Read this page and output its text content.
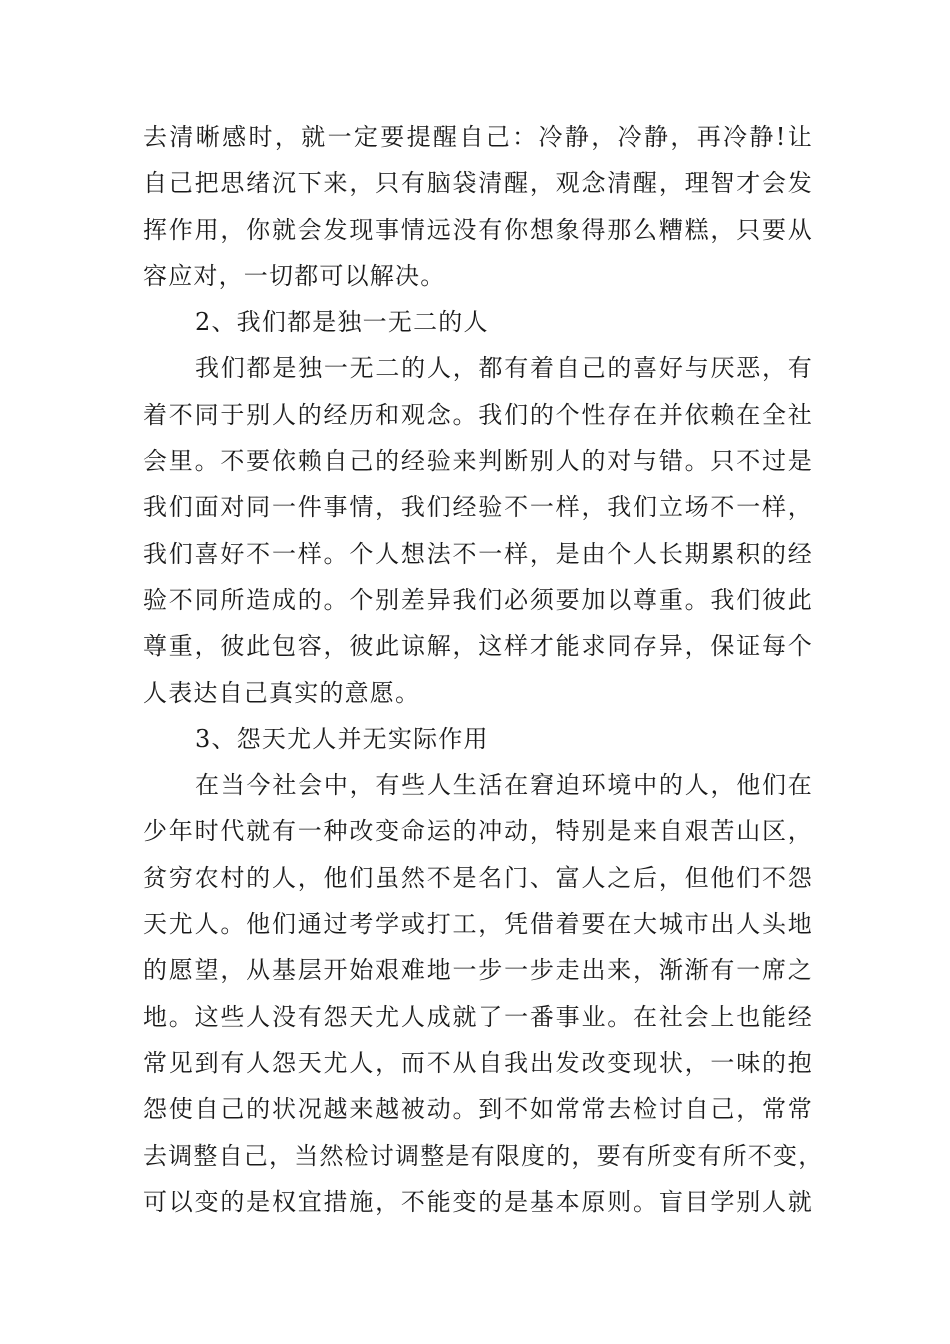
去清晰感时，就一定要提醒自己：冷静，冷静，再冷静!让
自己把思绪沉下来，只有脑袋清醒，观念清醒，理智才会发
挥作用，你就会发现事情远没有你想象得那么糟糕，只要从
容应对，一切都可以解决。
2、我们都是独一无二的人
我们都是独一无二的人，都有着自己的喜好与厌恶，有
着不同于别人的经历和观念。我们的个性存在并依赖在全社
会里。不要依赖自己的经验来判断别人的对与错。只不过是
我们面对同一件事情，我们经验不一样，我们立场不一样，
我们喜好不一样。个人想法不一样，是由个人长期累积的经
验不同所造成的。个别差异我们必须要加以尊重。我们彼此
尊重，彼此包容，彼此谅解，这样才能求同存异，保证每个
人表达自己真实的意愿。
3、怨天尤人并无实际作用
在当今社会中，有些人生活在窘迫环境中的人，他们在
少年时代就有一种改变命运的冲动，特别是来自艰苦山区，
贫穷农村的人，他们虽然不是名门、富人之后，但他们不怨
天尤人。他们通过考学或打工，凭借着要在大城市出人头地
的愿望，从基层开始艰难地一步一步走出来，渐渐有一席之
地。这些人没有怨天尤人成就了一番事业。在社会上也能经
常见到有人怨天尤人，而不从自我出发改变现状，一味的抱
怨使自己的状况越来越被动。到不如常常去检讨自己，常常
去调整自己，当然检讨调整是有限度的，要有所变有所不变，
可以变的是权宜措施，不能变的是基本原则。盲目学别人就
